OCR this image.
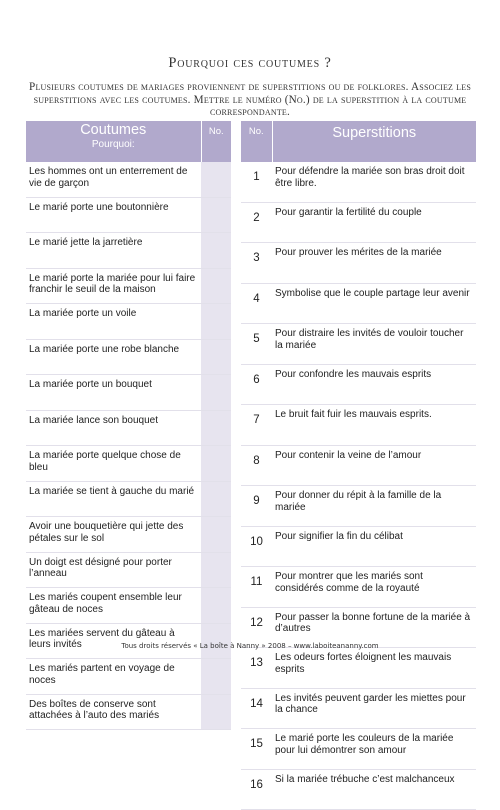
Pourquoi ces coutumes ?
Plusieurs coutumes de mariages proviennent de superstitions ou de folklores. Associez les superstitions avec les coutumes. Mettre le numéro (No.) de la superstition à la coutume correspondante.
Coutumes
Pourquoi:	No.
Les hommes ont un enterrement de vie de garçon	
Le marié porte une boutonnière	
Le marié jette la jarretière	
Le marié porte la mariée pour lui faire franchir le seuil de la maison	
La mariée porte un voile	
La mariée porte une robe blanche	
La mariée porte un bouquet	
La mariée lance son bouquet	
La mariée porte quelque chose de bleu	
La mariée se tient à gauche du marié	
Avoir une bouquetière qui jette des pétales sur le sol	
Un doigt est désigné pour porter l’anneau	
Les mariés coupent ensemble leur gâteau de noces	
Les mariées servent du gâteau à leurs invités	
Les mariés partent en voyage de noces	
Des boîtes de conserve sont attachées à l’auto des mariés	
No.	Superstitions
1	Pour défendre la mariée son bras droit doit être libre.
2	Pour garantir la fertilité du couple
3	Pour prouver les mérites de la mariée
4	Symbolise que le couple partage leur avenir
5	Pour distraire les invités de vouloir toucher la mariée
6	Pour confondre les mauvais esprits
7	Le bruit fait fuir les mauvais esprits.
8	Pour contenir la veine de l’amour
9	Pour donner du répit à la famille de la mariée
10	Pour signifier la fin du célibat
11	Pour montrer que les mariés sont considérés comme de la royauté
12	Pour passer la bonne fortune de la mariée à d’autres
13	Les odeurs fortes éloignent les mauvais esprits
14	Les invités peuvent garder les miettes pour la chance
15	Le marié porte les couleurs de la mariée pour lui démontrer son amour
16	Si la mariée trébuche c’est malchanceux
Tous droits réservés « La boîte à Nanny » 2008 – www.laboiteananny.com
